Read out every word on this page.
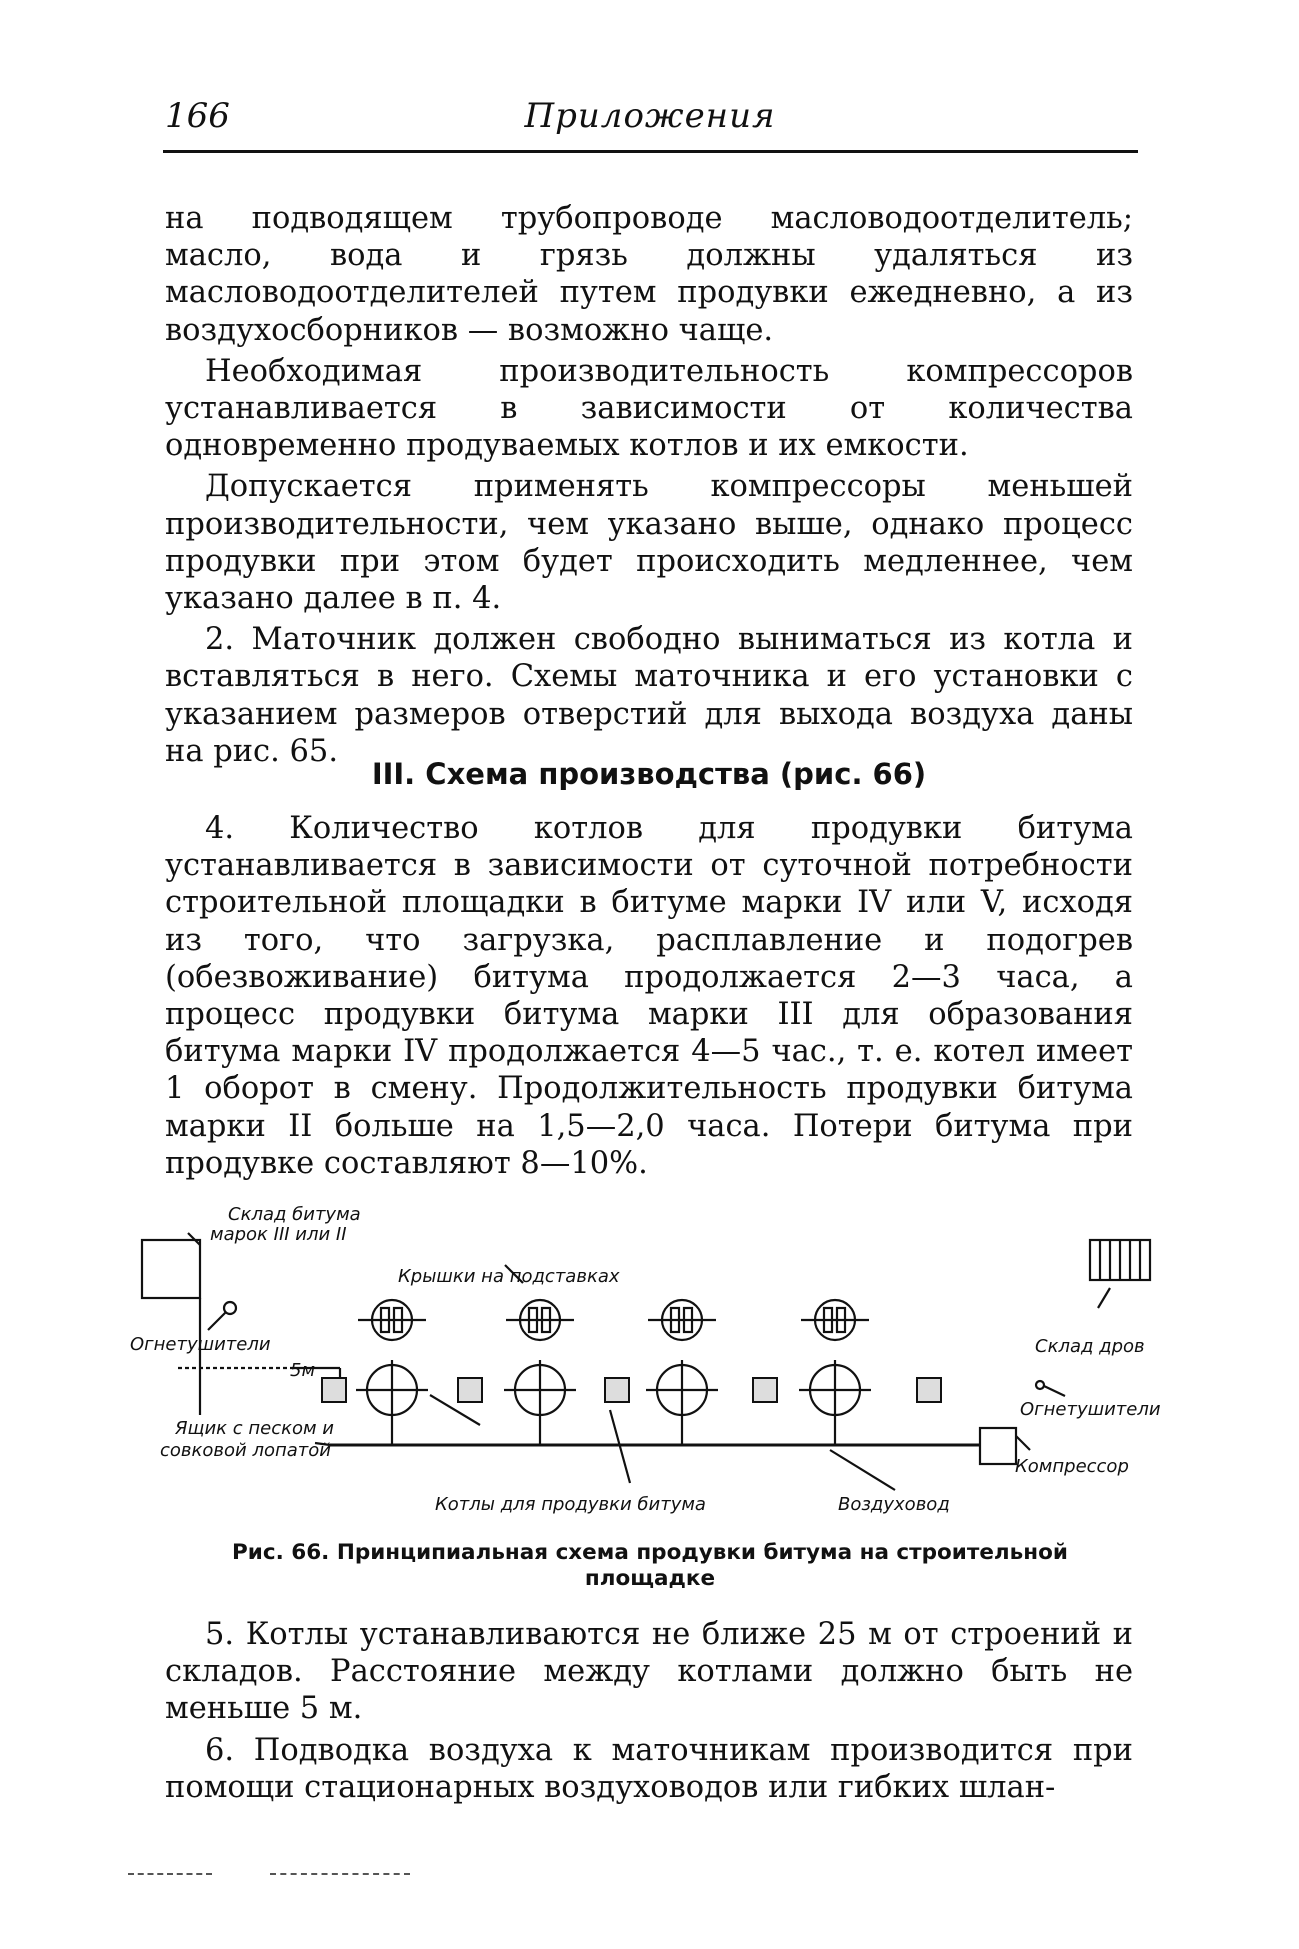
166	Приложения

на подводящем трубопроводе масловодоотделитель; масло, вода и грязь должны удаляться из масловодоотделителей путем продувки ежедневно, а из воздухосборников — возможно чаще.

Необходимая производительность компрессоров устанавливается в зависимости от количества одновременно продуваемых котлов и их емкости.

Допускается применять компрессоры меньшей производительности, чем указано выше, однако процесс продувки при этом будет происходить медленнее, чем указано далее в п. 4.

2. Маточник должен свободно выниматься из котла и вставляться в него. Схемы маточника и его установки с указанием размеров отверстий для выхода воздуха даны на рис. 65.

III. Схема производства (рис. 66)

4. Количество котлов для продувки битума устанавливается в зависимости от суточной потребности строительной площадки в битуме марки IV или V, исходя из того, что загрузка, расплавление и подогрев (обезвоживание) битума продолжается 2—3 часа, а процесс продувки битума марки III для образования битума марки IV продолжается 4—5 час., т. е. котел имеет 1 оборот в смену. Продолжительность продувки битума марки II больше на 1,5—2,0 часа. Потери битума при продувке составляют 8—10%.

Склад битума
марок III или II
Крышки на подставках
Огнетушители
5м
Ящик с песком и
совковой лопатой
Котлы для продувки битума	Воздуховод
Склад дров
Огнетушители
Компрессор
Рис. 66. Принципиальная схема продувки битума на строительной
площадке

5. Котлы устанавливаются не ближе 25 м от строений и складов. Расстояние между котлами должно быть не меньше 5 м.

6. Подводка воздуха к маточникам производится при помощи стационарных воздуховодов или гибких шлан-
